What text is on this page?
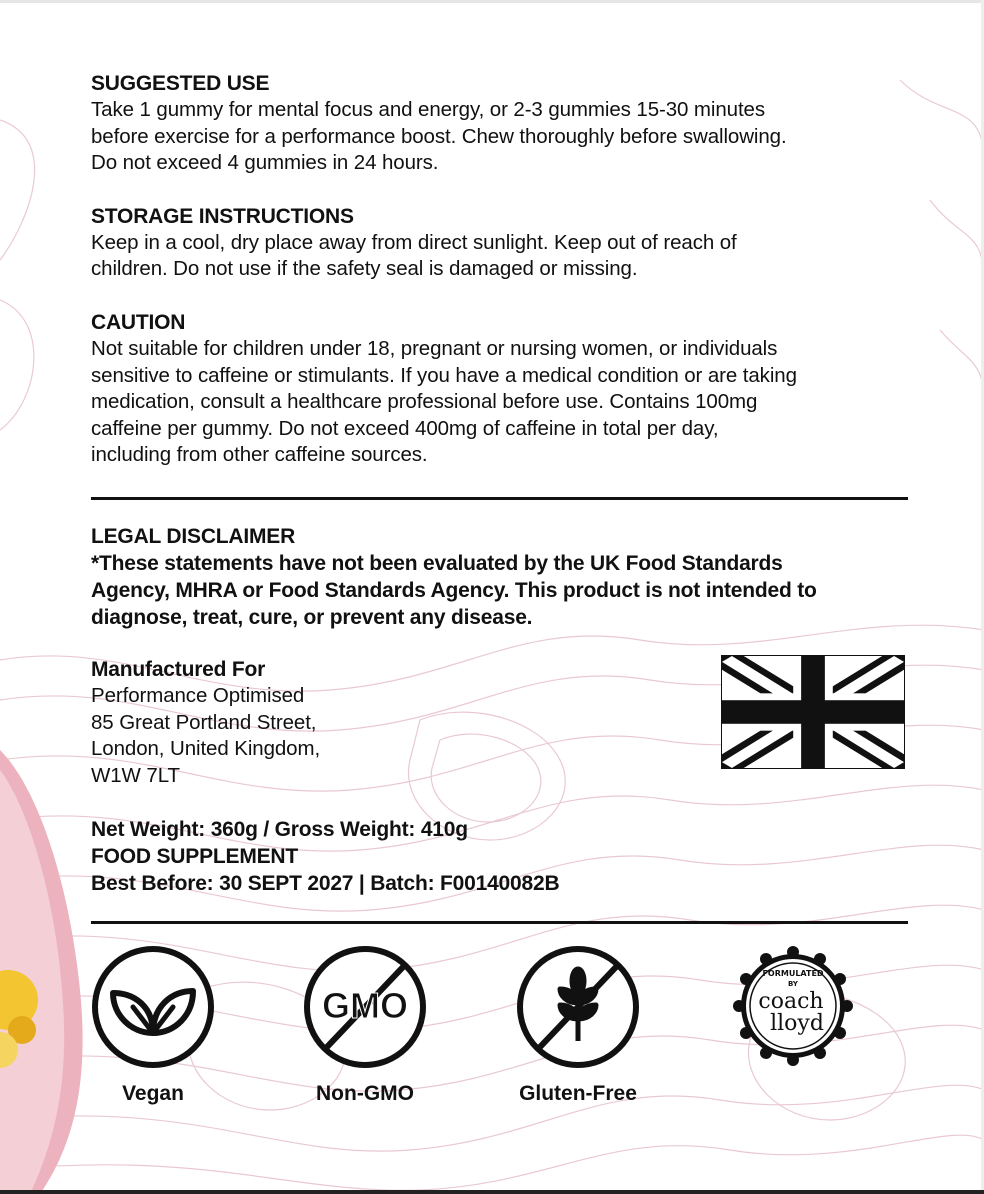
SUGGESTED USE
Take 1 gummy for mental focus and energy, or 2-3 gummies 15-30 minutes
before exercise for a performance boost. Chew thoroughly before swallowing.
Do not exceed 4 gummies in 24 hours.
STORAGE INSTRUCTIONS
Keep in a cool, dry place away from direct sunlight. Keep out of reach of
children. Do not use if the safety seal is damaged or missing.
CAUTION
Not suitable for children under 18, pregnant or nursing women, or individuals
sensitive to caffeine or stimulants. If you have a medical condition or are taking
medication, consult a healthcare professional before use. Contains 100mg
caffeine per gummy. Do not exceed 400mg of caffeine in total per day,
including from other caffeine sources.
LEGAL DISCLAIMER
*These statements have not been evaluated by the UK Food Standards
Agency, MHRA or Food Standards Agency. This product is not intended to
diagnose, treat, cure, or prevent any disease.
Manufactured For
Performance Optimised
85 Great Portland Street,
London, United Kingdom,
W1W 7LT
Net Weight: 360g / Gross Weight: 410g
FOOD SUPPLEMENT
Best Before: 30 SEPT 2027 | Batch: F00140082B
Vegan
GMO
Non-GMO	Gluten-Free
FORMULATED
BY
coach
lloyd
